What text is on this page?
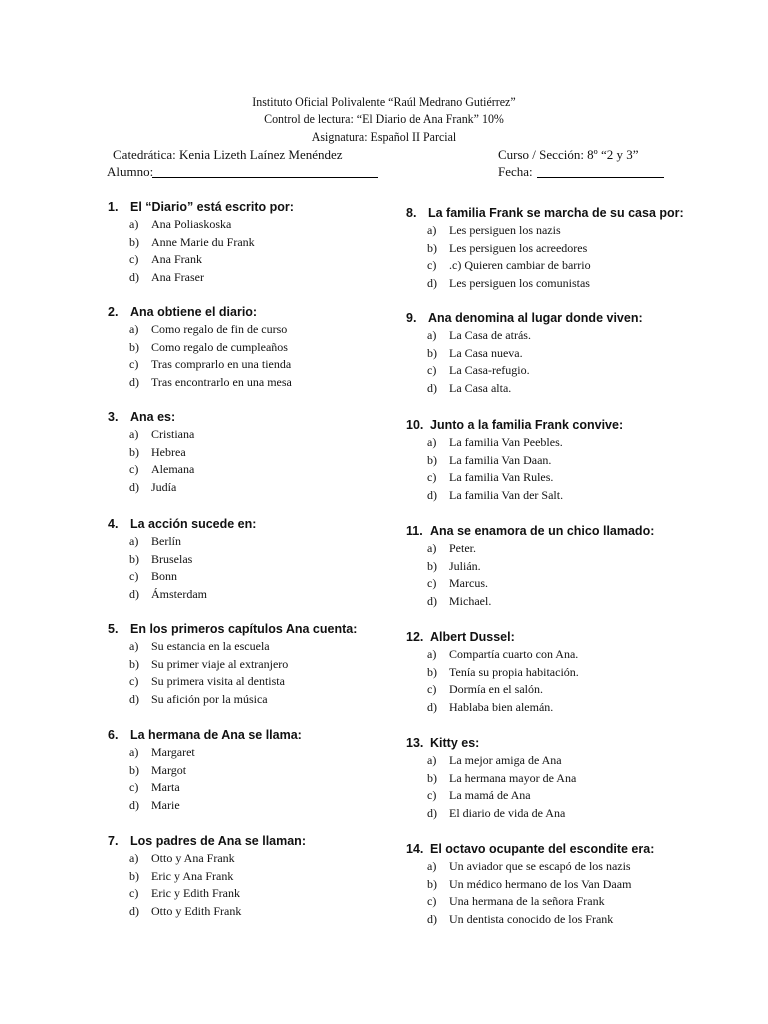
Instituto Oficial Polivalente “Raúl Medrano Gutiérrez”
Control de lectura: “El Diario de Ana Frank” 10%
Asignatura: Español II Parcial
Catedrática: Kenia Lizeth Laínez Menéndez	Curso / Sección: 8º “2 y 3”
Alumno:	Fecha:
1. El “Diario” está escrito por:
a)	Ana Poliaskoska
b)	Anne Marie du Frank
c)	Ana Frank
d)	Ana Fraser
2. Ana obtiene el diario:
a)	Como regalo de fin de curso
b)	Como regalo de cumpleaños
c)	Tras comprarlo en una tienda
d)	Tras encontrarlo en una mesa
3. Ana es:
a)	Cristiana
b)	Hebrea
c)	Alemana
d)	Judía
4. La acción sucede en:
a)	Berlín
b)	Bruselas
c)	Bonn
d)	Ámsterdam
5. En los primeros capítulos Ana cuenta:
a)	Su estancia en la escuela
b)	Su primer viaje al extranjero
c)	Su primera visita al dentista
d)	Su afición por la música
6. La hermana de Ana se llama:
a)	Margaret
b)	Margot
c)	Marta
d)	Marie
7. Los padres de Ana se llaman:
a)	Otto y Ana Frank
b)	Eric y Ana Frank
c)	Eric y Edith Frank
d)	Otto y Edith Frank
8. La familia Frank se marcha de su casa por:
a)	Les persiguen los nazis
b)	Les persiguen los acreedores
c)	.c) Quieren cambiar de barrio
d)	Les persiguen los comunistas
9. Ana denomina al lugar donde viven:
a)	La Casa de atrás.
b)	La Casa nueva.
c)	La Casa-refugio.
d)	La Casa alta.
10. Junto a la familia Frank convive:
a)	La familia Van Peebles.
b)	La familia Van Daan.
c)	La familia Van Rules.
d)	La familia Van der Salt.
11. Ana se enamora de un chico llamado:
a)	Peter.
b)	Julián.
c)	Marcus.
d)	Michael.
12. Albert Dussel:
a)	Compartía cuarto con Ana.
b)	Tenía su propia habitación.
c)	Dormía en el salón.
d)	Hablaba bien alemán.
13. Kitty es:
a)	La mejor amiga de Ana
b)	La hermana mayor de Ana
c)	La mamá de Ana
d)	El diario de vida de Ana
14. El octavo ocupante del escondite era:
a)	Un aviador que se escapó de los nazis
b)	Un médico hermano de los Van Daam
c)	Una hermana de la señora Frank
d)	Un dentista conocido de los Frank
